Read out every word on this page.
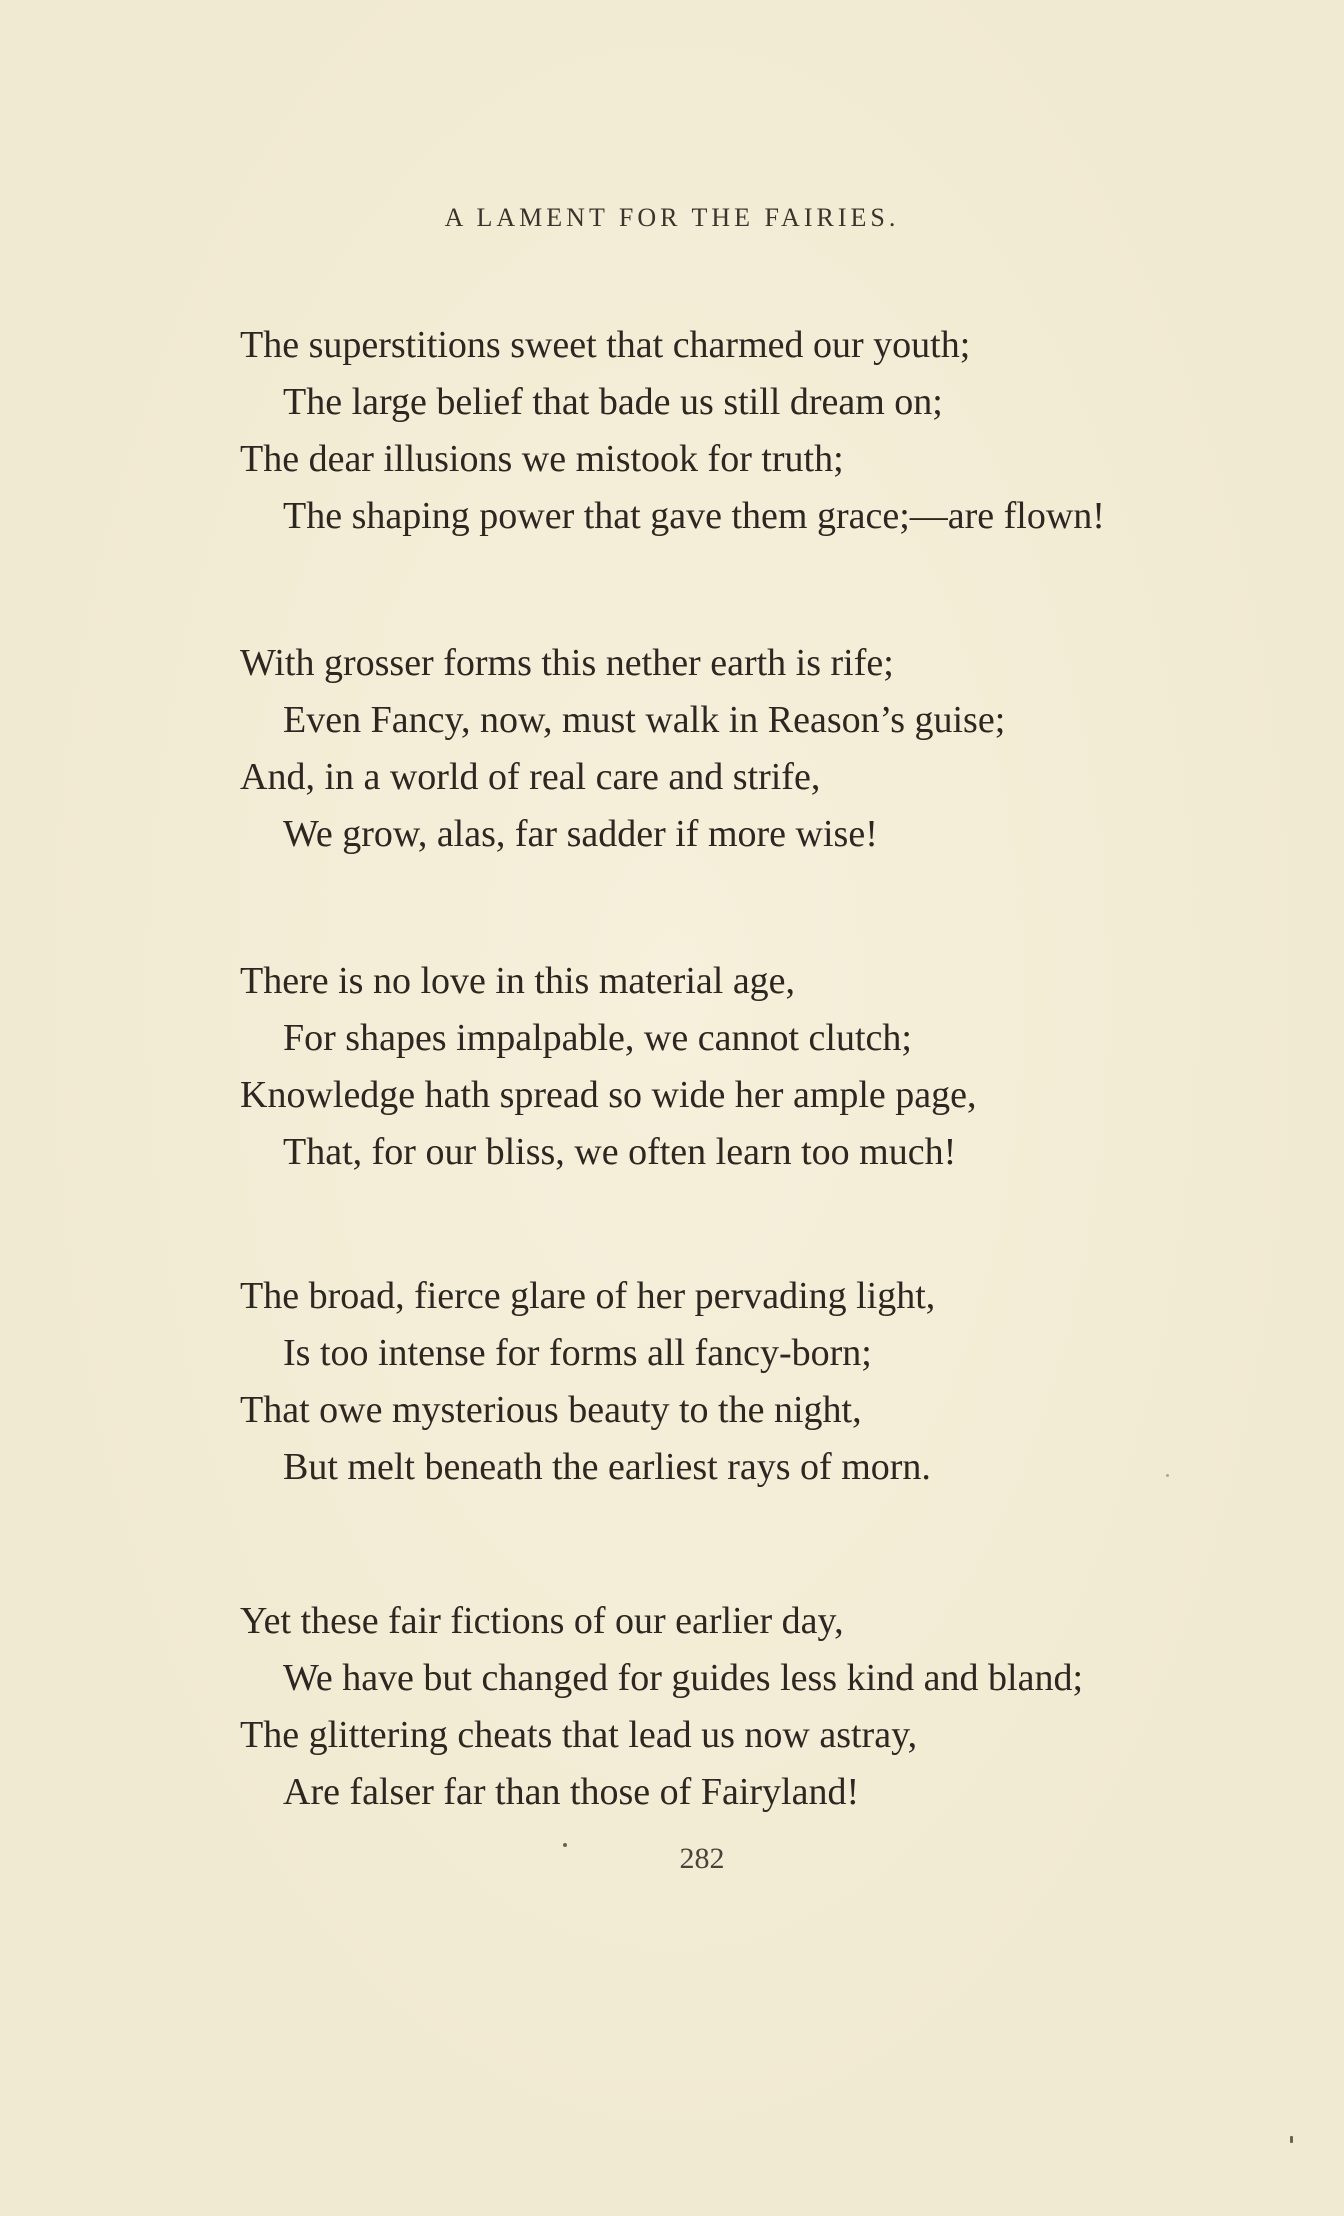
A LAMENT FOR THE FAIRIES.
The superstitions sweet that charmed our youth;
The large belief that bade us still dream on;
The dear illusions we mistook for truth;
The shaping power that gave them grace;—are flown!
With grosser forms this nether earth is rife;
Even Fancy, now, must walk in Reason’s guise;
And, in a world of real care and strife,
We grow, alas, far sadder if more wise!
There is no love in this material age,
For shapes impalpable, we cannot clutch;
Knowledge hath spread so wide her ample page,
That, for our bliss, we often learn too much!
The broad, fierce glare of her pervading light,
Is too intense for forms all fancy-born;
That owe mysterious beauty to the night,
But melt beneath the earliest rays of morn.
Yet these fair fictions of our earlier day,
We have but changed for guides less kind and bland;
The glittering cheats that lead us now astray,
Are falser far than those of Fairyland!
282
